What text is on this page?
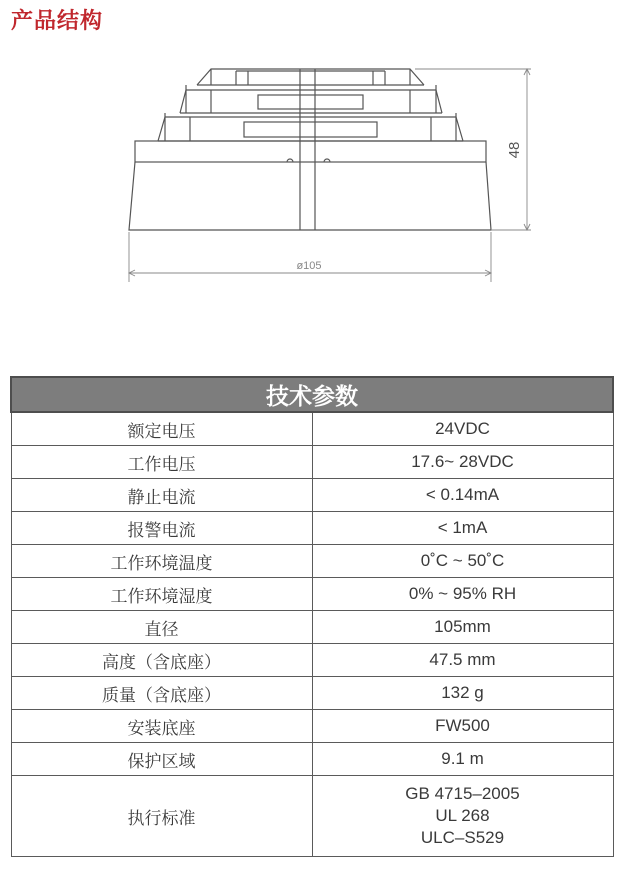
产品结构
48
ø105
技术参数	
额定电压	24VDC
工作电压	17.6~ 28VDC
静止电流	< 0.14mA
报警电流	< 1mA
工作环境温度	0˚C ~ 50˚C
工作环境湿度	0% ~ 95% RH
直径	105mm
高度（含底座）	47.5 mm
质量（含底座）	132 g
安装底座	FW500
保护区域	9.1 m
执行标准	GB 4715–2005
UL 268
ULC–S529
